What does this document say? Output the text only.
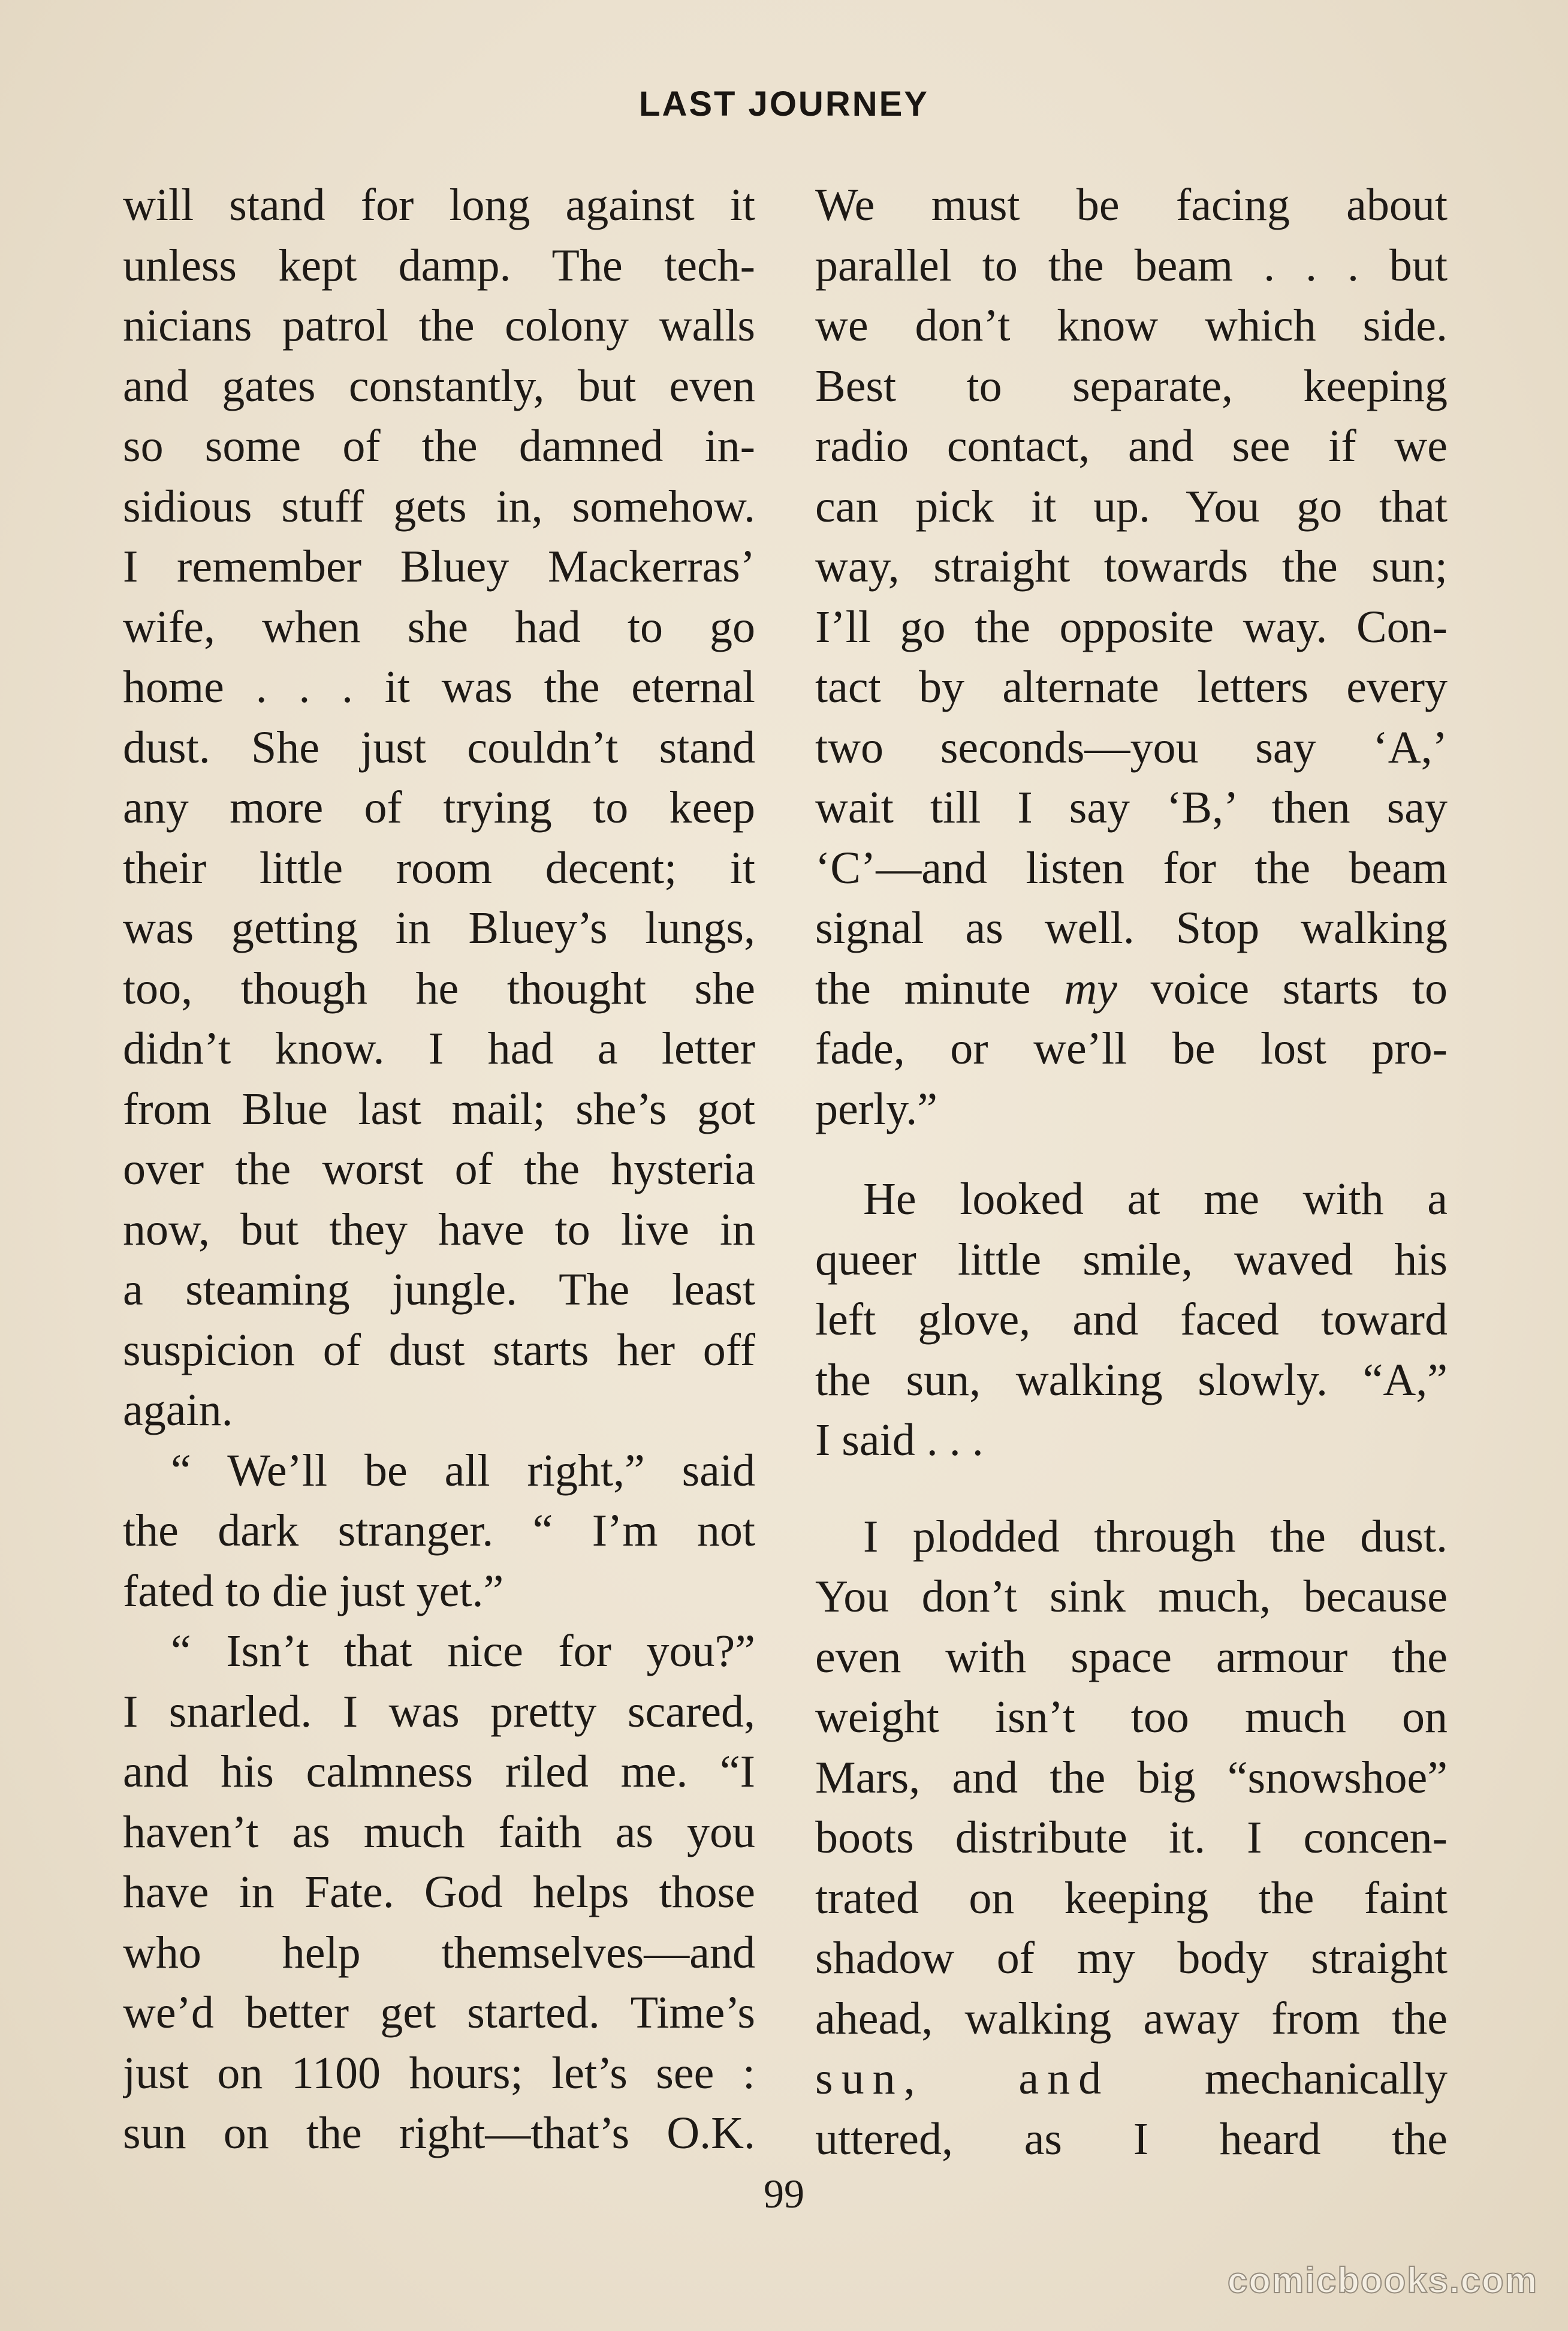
LAST JOURNEY
will stand for long against it
unless kept damp. The tech-
nicians patrol the colony walls
and gates constantly, but even
so some of the damned in-
sidious stuff gets in, somehow.
I remember Bluey Mackerras’
wife, when she had to go
home . . . it was the eternal
dust. She just couldn’t stand
any more of trying to keep
their little room decent; it
was getting in Bluey’s lungs,
too, though he thought she
didn’t know. I had a letter
from Blue last mail; she’s got
over the worst of the hysteria
now, but they have to live in
a steaming jungle. The least
suspicion of dust starts her off
again.
“ We’ll be all right,” said
the dark stranger. “ I’m not
fated to die just yet.”
“ Isn’t that nice for you?”
I snarled. I was pretty scared,
and his calmness riled me. “I
haven’t as much faith as you
have in Fate. God helps those
who help themselves—and
we’d better get started. Time’s
just on 1100 hours; let’s see :
sun on the right—that’s O.K.
We must be facing about
parallel to the beam . . . but
we don’t know which side.
Best to separate, keeping
radio contact, and see if we
can pick it up. You go that
way, straight towards the sun;
I’ll go the opposite way. Con-
tact by alternate letters every
two seconds—you say ‘A,’
wait till I say ‘B,’ then say
‘C’—and listen for the beam
signal as well. Stop walking
the minute my voice starts to
fade, or we’ll be lost pro-
perly.”
He looked at me with a
queer little smile, waved his
left glove, and faced toward
the sun, walking slowly. “A,”
I said . . .
I plodded through the dust.
You don’t sink much, because
even with space armour the
weight isn’t too much on
Mars, and the big “snowshoe”
boots distribute it. I concen-
trated on keeping the faint
shadow of my body straight
ahead, walking away from the
sun, and mechanically
uttered, as I heard the
99
comicbooks.com
